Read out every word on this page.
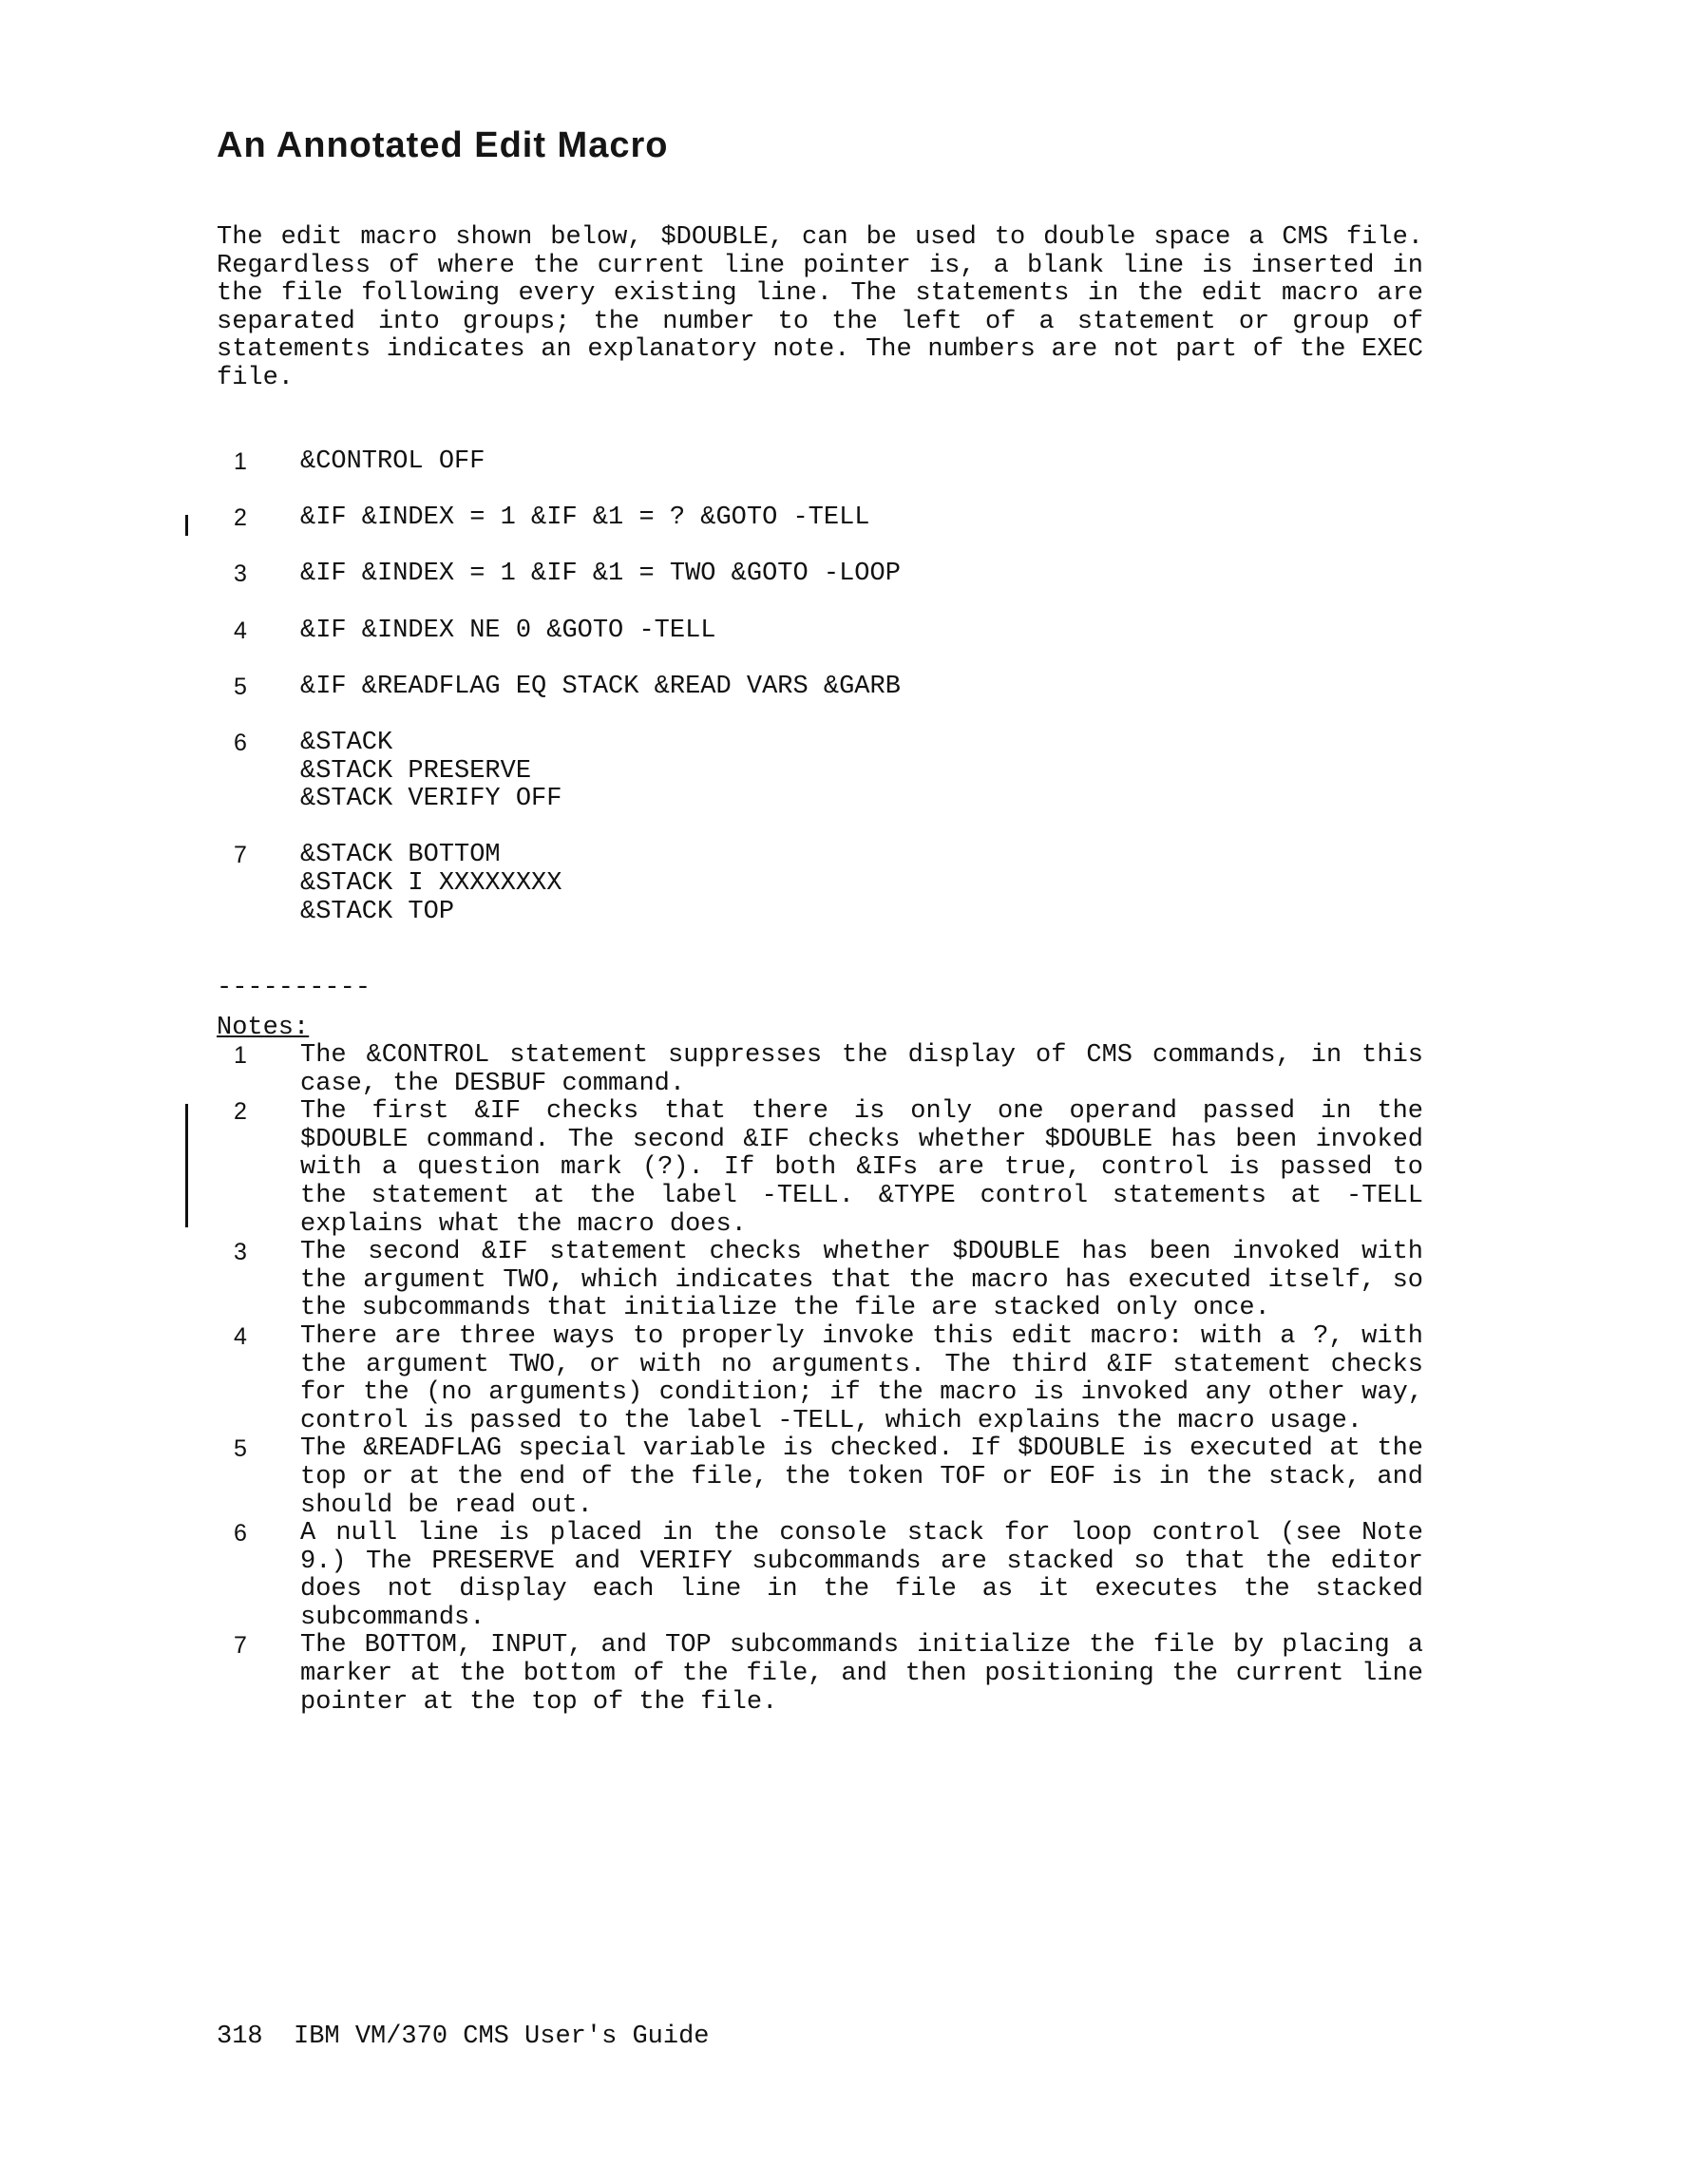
An Annotated Edit Macro

The edit macro shown below, $DOUBLE, can be used to double space a CMS file. Regardless of where the current line pointer is, a blank line is inserted in the file following every existing line. The statements in the edit macro are separated into groups; the number to the left of a statement or group of statements indicates an explanatory note. The numbers are not part of the EXEC file.

1 &CONTROL OFF
2 &IF &INDEX = 1 &IF &1 = ? &GOTO -TELL
3 &IF &INDEX = 1 &IF &1 = TWO &GOTO -LOOP
4 &IF &INDEX NE 0 &GOTO -TELL
5 &IF &READFLAG EQ STACK &READ VARS &GARB
6 &STACK
&STACK PRESERVE
&STACK VERIFY OFF
7 &STACK BOTTOM
&STACK I XXXXXXXX
&STACK TOP
----------
Notes:
1 The &CONTROL statement suppresses the display of CMS commands, in this case, the DESBUF command.
2 The first &IF checks that there is only one operand passed in the $DOUBLE command. The second &IF checks whether $DOUBLE has been invoked with a question mark (?). If both &IFs are true, control is passed to the statement at the label -TELL. &TYPE control statements at -TELL explains what the macro does.
3 The second &IF statement checks whether $DOUBLE has been invoked with the argument TWO, which indicates that the macro has executed itself, so the subcommands that initialize the file are stacked only once.
4 There are three ways to properly invoke this edit macro: with a ?, with the argument TWO, or with no arguments. The third &IF statement checks for the (no arguments) condition; if the macro is invoked any other way, control is passed to the label -TELL, which explains the macro usage.
5 The &READFLAG special variable is checked. If $DOUBLE is executed at the top or at the end of the file, the token TOF or EOF is in the stack, and should be read out.
6 A null line is placed in the console stack for loop control (see Note 9.) The PRESERVE and VERIFY subcommands are stacked so that the editor does not display each line in the file as it executes the stacked subcommands.
7 The BOTTOM, INPUT, and TOP subcommands initialize the file by placing a marker at the bottom of the file, and then positioning the current line pointer at the top of the file.
318  IBM VM/370 CMS User's Guide
